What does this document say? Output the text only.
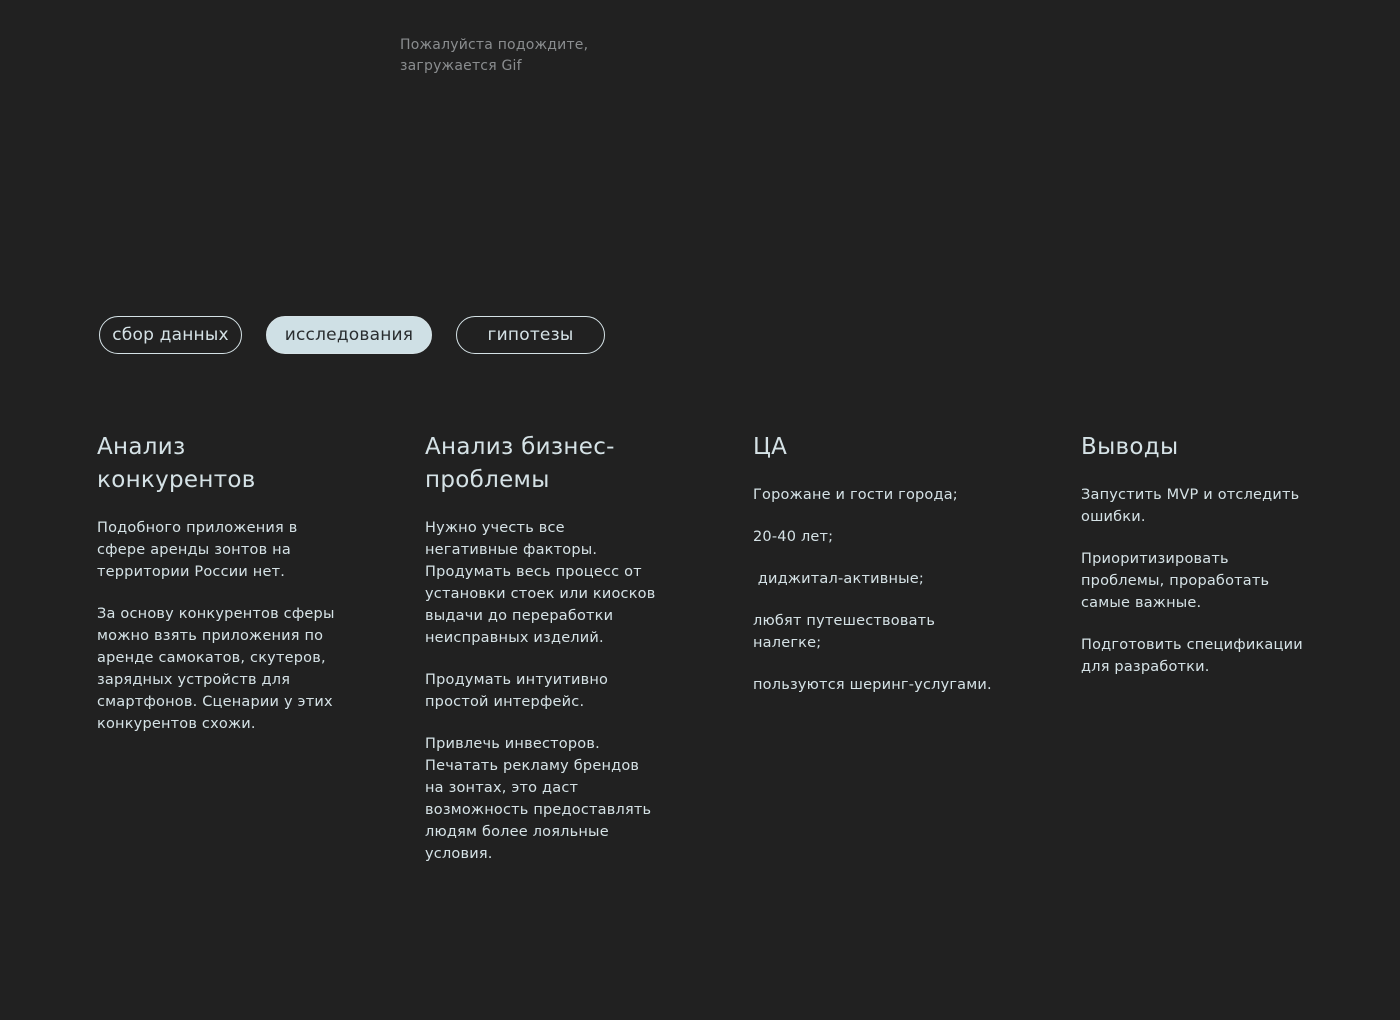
Пожалуйста подождите,
загружается Gif
сбор данных	исследования	гипотезы
Анализ
конкурентов

Подобного приложения в сфере аренды зонтов на территории России нет.

За основу конкурентов сферы можно взять приложения по аренде самокатов, скутеров, зарядных устройств для смартфонов. Сценарии у этих конкурентов схожи.

Анализ бизнес-
проблемы

Нужно учесть все негативные факторы. Продумать весь процесс от установки стоек или киосков выдачи до переработки неисправных изделий.

Продумать интуитивно простой интерфейс.

Привлечь инвесторов. Печатать рекламу брендов на зонтах, это даст возможность предоставлять людям более лояльные условия.

ЦА

Горожане и гости города;

20-40 лет;

диджитал-активные;

любят путешествовать налегке;

пользуются шеринг-услугами.

Выводы

Запустить MVP и отследить ошибки.

Приоритизировать проблемы, проработать самые важные.

Подготовить спецификации для разработки.
